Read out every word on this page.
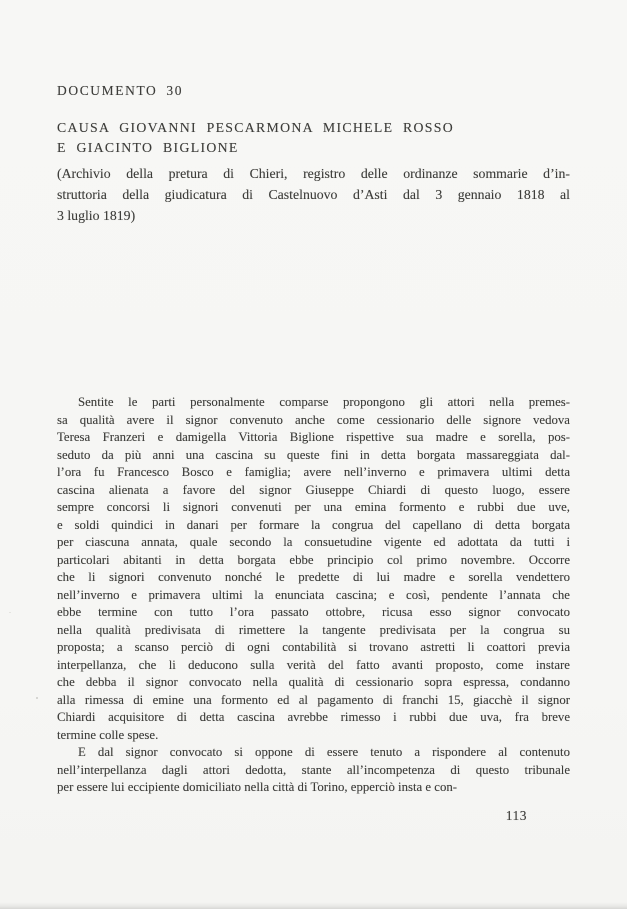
DOCUMENTO 30
CAUSA GIOVANNI PESCARMONA MICHELE ROSSO
E GIACINTO BIGLIONE
(Archivio della pretura di Chieri, registro delle ordinanze sommarie d’in-
struttoria della giudicatura di Castelnuovo d’Asti dal 3 gennaio 1818 al
3 luglio 1819)
Sentite le parti personalmente comparse propongono gli attori nella premes-
sa qualità avere il signor convenuto anche come cessionario delle signore vedova
Teresa Franzeri e damigella Vittoria Biglione rispettive sua madre e sorella, pos-
seduto da più anni una cascina su queste fini in detta borgata massareggiata dal-
l’ora fu Francesco Bosco e famiglia; avere nell’inverno e primavera ultimi detta
cascina alienata a favore del signor Giuseppe Chiardi di questo luogo, essere
sempre concorsi li signori convenuti per una emina formento e rubbi due uve,
e soldi quindici in danari per formare la congrua del capellano di detta borgata
per ciascuna annata, quale secondo la consuetudine vigente ed adottata da tutti i
particolari abitanti in detta borgata ebbe principio col primo novembre. Occorre
che li signori convenuto nonché le predette di lui madre e sorella vendettero
nell’inverno e primavera ultimi la enunciata cascina; e così, pendente l’annata che
ebbe termine con tutto l’ora passato ottobre, ricusa esso signor convocato
nella qualità predivisata di rimettere la tangente predivisata per la congrua su
proposta; a scanso perciò di ogni contabilità si trovano astretti li coattori previa
interpellanza, che li deducono sulla verità del fatto avanti proposto, come instare
che debba il signor convocato nella qualità di cessionario sopra espressa, condanno
alla rimessa di emine una formento ed al pagamento di franchi 15, giacchè il signor
Chiardi acquisitore di detta cascina avrebbe rimesso i rubbi due uva, fra breve
termine colle spese.
E dal signor convocato si oppone di essere tenuto a rispondere al contenuto
nell’interpellanza dagli attori dedotta, stante all’incompetenza di questo tribunale
per essere lui eccipiente domiciliato nella città di Torino, epperciò insta e con-
113
